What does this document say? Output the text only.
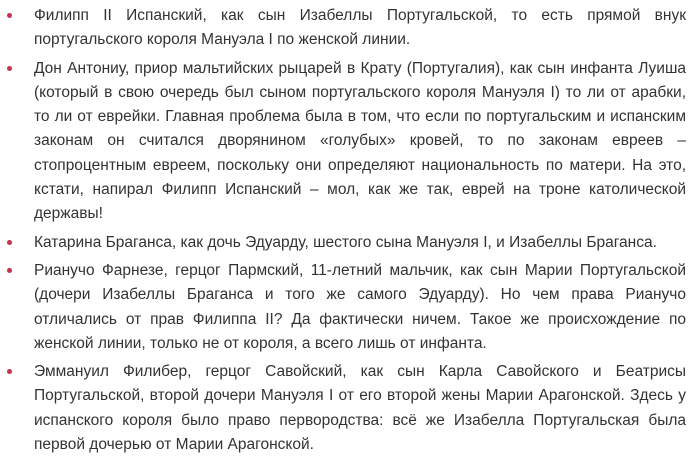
Филипп II Испанский, как сын Изабеллы Португальской, то есть прямой внук португальского короля Мануэла I по женской линии.

Дон Антониу, приор мальтийских рыцарей в Крату (Португалия), как сын инфанта Луиша (который в свою очередь был сыном португальского короля Мануэля I) то ли от арабки, то ли от еврейки. Главная проблема была в том, что если по португальским и испанским законам он считался дворянином «голубых» кровей, то по законам евреев – стопроцентным евреем, поскольку они определяют национальность по матери. На это, кстати, напирал Филипп Испанский – мол, как же так, еврей на троне католической державы!

Катарина Браганса, как дочь Эдуарду, шестого сына Мануэля I, и Изабеллы Браганса.

Рианучо Фарнезе, герцог Пармский, 11-летний мальчик, как сын Марии Португальской (дочери Изабеллы Браганса и того же самого Эдуарду). Но чем права Рианучо отличались от прав Филиппа II? Да фактически ничем. Такое же происхождение по женской линии, только не от короля, а всего лишь от инфанта.

Эммануил Филибер, герцог Савойский, как сын Карла Савойского и Беатрисы Португальской, второй дочери Мануэля I от его второй жены Марии Арагонской. Здесь у испанского короля было право первородства: всё же Изабелла Португальская была первой дочерью от Марии Арагонской.
